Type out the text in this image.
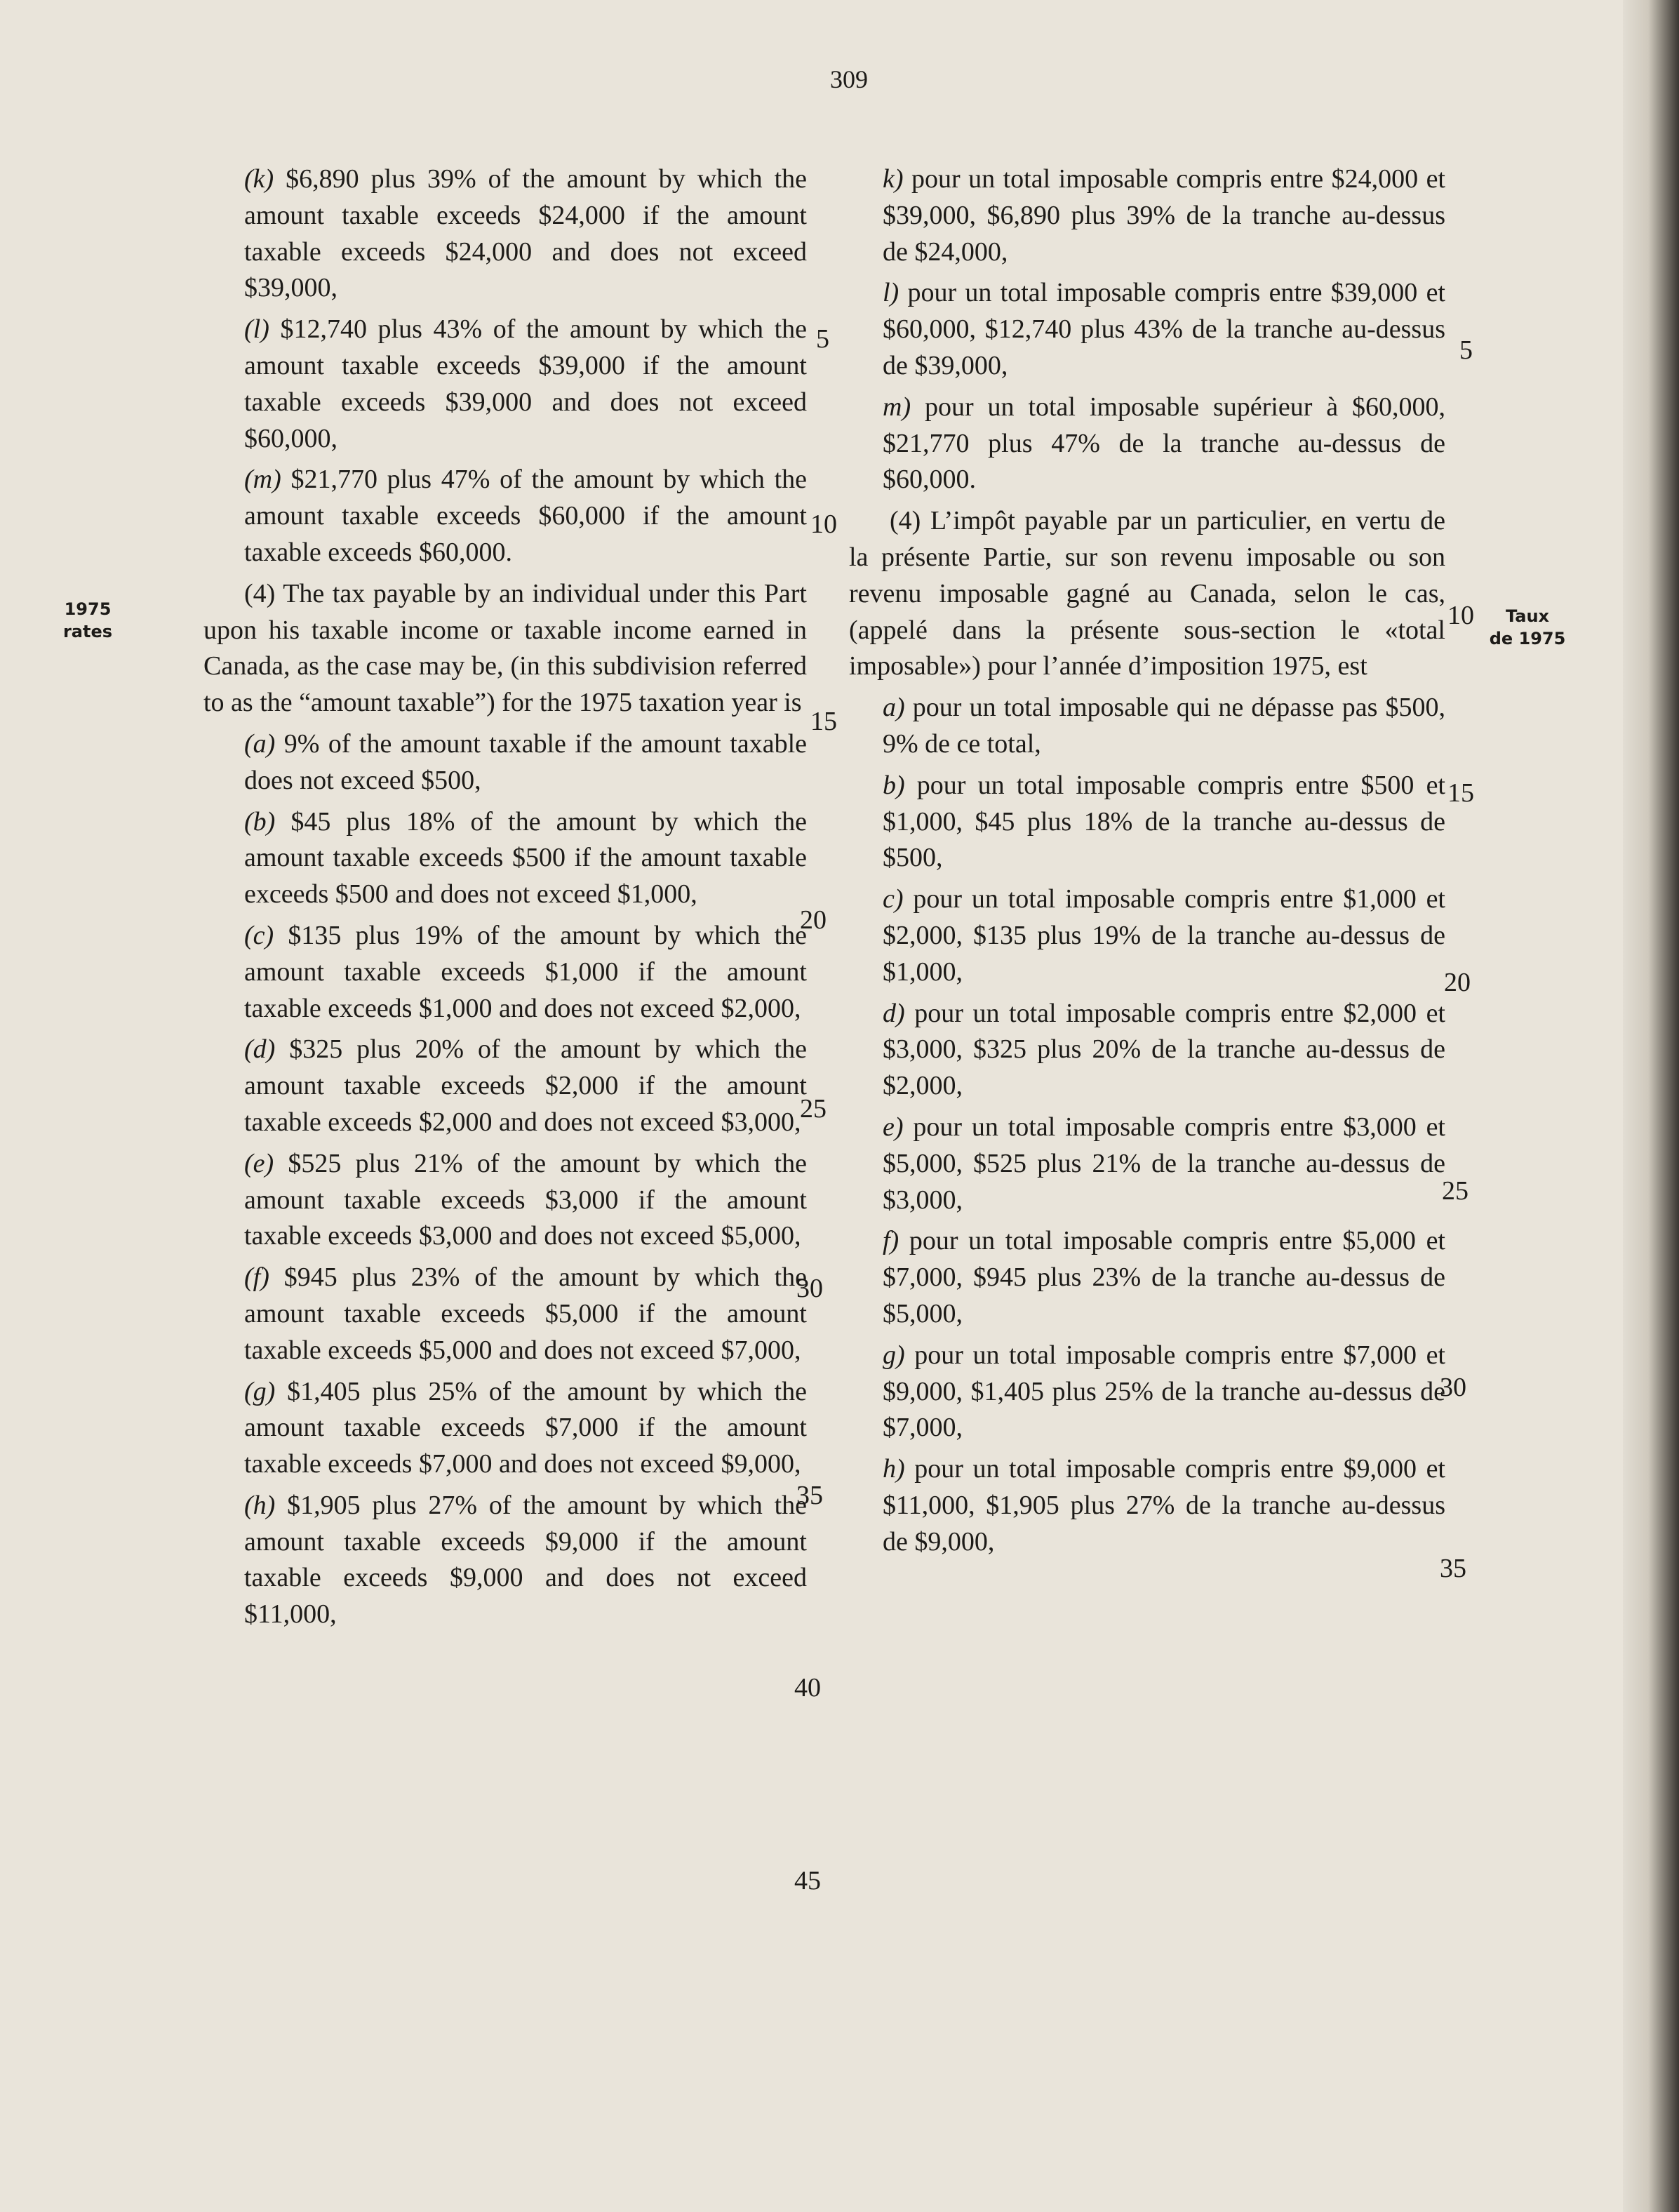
309
1975
rates
Taux
de 1975

(k) $6,890 plus 39% of the amount by which the amount taxable exceeds $24,000 if the amount taxable exceeds $24,000 and does not exceed $39,000,

(l) $12,740 plus 43% of the amount by which the amount taxable exceeds $39,000 if the amount taxable exceeds $39,000 and does not exceed $60,000,

(m) $21,770 plus 47% of the amount by which the amount taxable exceeds $60,000 if the amount taxable exceeds $60,000.

(4) The tax payable by an individual under this Part upon his taxable income or taxable income earned in Canada, as the case may be, (in this subdivision referred to as the “amount taxable”) for the 1975 taxation year is

(a) 9% of the amount taxable if the amount taxable does not exceed $500,

(b) $45 plus 18% of the amount by which the amount taxable exceeds $500 if the amount taxable exceeds $500 and does not exceed $1,000,

(c) $135 plus 19% of the amount by which the amount taxable exceeds $1,000 if the amount taxable exceeds $1,000 and does not exceed $2,000,

(d) $325 plus 20% of the amount by which the amount taxable exceeds $2,000 if the amount taxable exceeds $2,000 and does not exceed $3,000,

(e) $525 plus 21% of the amount by which the amount taxable exceeds $3,000 if the amount taxable exceeds $3,000 and does not exceed $5,000,

(f) $945 plus 23% of the amount by which the amount taxable exceeds $5,000 if the amount taxable exceeds $5,000 and does not exceed $7,000,

(g) $1,405 plus 25% of the amount by which the amount taxable exceeds $7,000 if the amount taxable exceeds $7,000 and does not exceed $9,000,

(h) $1,905 plus 27% of the amount by which the amount taxable exceeds $9,000 if the amount taxable exceeds $9,000 and does not exceed $11,000,

5
10
15
20
25
30
35
40
45

k) pour un total imposable compris entre $24,000 et $39,000, $6,890 plus 39% de la tranche au-dessus de $24,000,

l) pour un total imposable compris entre $39,000 et $60,000, $12,740 plus 43% de la tranche au-dessus de $39,000,

m) pour un total imposable supérieur à $60,000, $21,770 plus 47% de la tranche au-dessus de $60,000.

(4) L’impôt payable par un particulier, en vertu de la présente Partie, sur son revenu imposable ou son revenu imposable gagné au Canada, selon le cas, (appelé dans la présente sous-section le «total imposable») pour l’année d’imposition 1975, est

a) pour un total imposable qui ne dépasse pas $500, 9% de ce total,

b) pour un total imposable compris entre $500 et $1,000, $45 plus 18% de la tranche au-dessus de $500,

c) pour un total imposable compris entre $1,000 et $2,000, $135 plus 19% de la tranche au-dessus de $1,000,

d) pour un total imposable compris entre $2,000 et $3,000, $325 plus 20% de la tranche au-dessus de $2,000,

e) pour un total imposable compris entre $3,000 et $5,000, $525 plus 21% de la tranche au-dessus de $3,000,

f) pour un total imposable compris entre $5,000 et $7,000, $945 plus 23% de la tranche au-dessus de $5,000,

g) pour un total imposable compris entre $7,000 et $9,000, $1,405 plus 25% de la tranche au-dessus de $7,000,

h) pour un total imposable compris entre $9,000 et $11,000, $1,905 plus 27% de la tranche au-dessus de $9,000,

5
10
15
20
25
30
35
